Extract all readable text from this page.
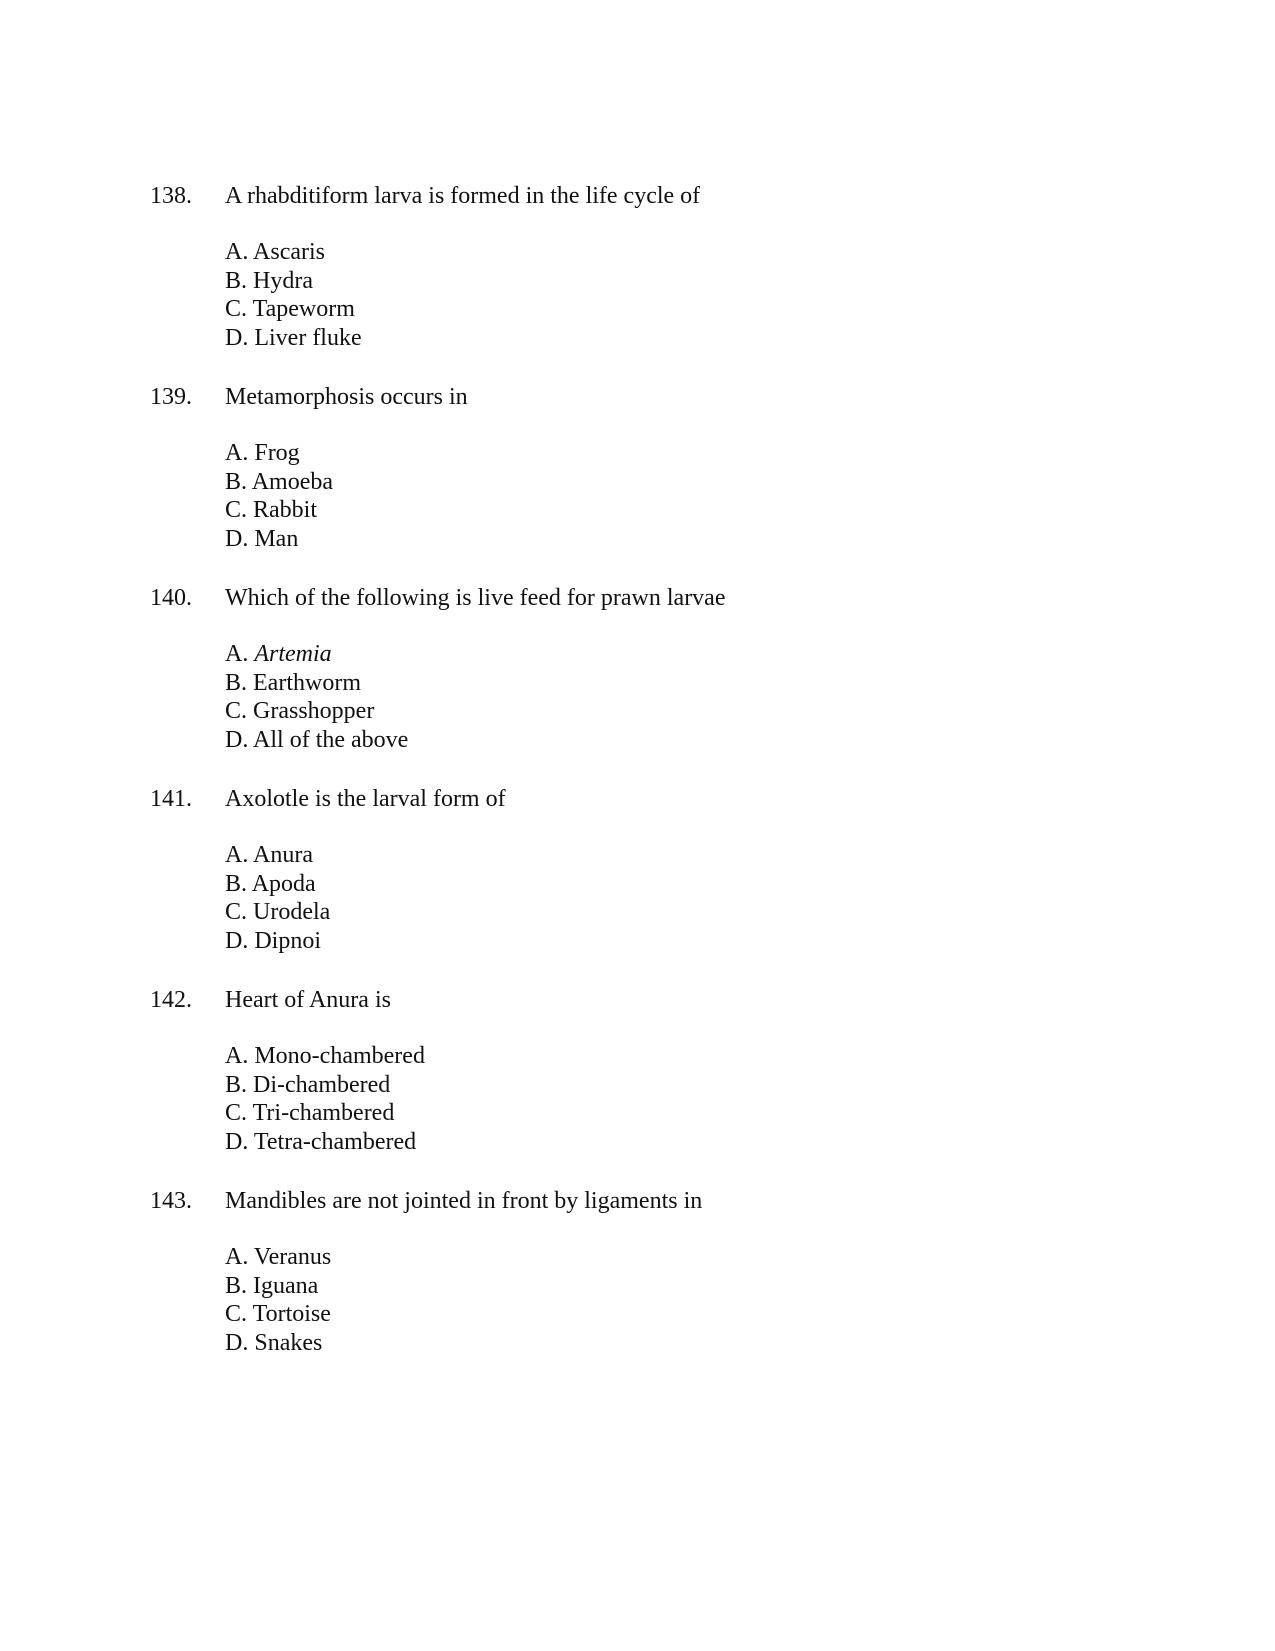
138. A rhabditiform larva is formed in the life cycle of
A. Ascaris
B. Hydra
C. Tapeworm
D. Liver fluke
139. Metamorphosis occurs in
A. Frog
B. Amoeba
C. Rabbit
D. Man
140. Which of the following is live feed for prawn larvae
A. Artemia
B. Earthworm
C. Grasshopper
D. All of the above
141. Axolotle is the larval form of
A. Anura
B. Apoda
C. Urodela
D. Dipnoi
142. Heart of Anura is
A. Mono-chambered
B. Di-chambered
C. Tri-chambered
D. Tetra-chambered
143. Mandibles are not jointed in front by ligaments in
A. Veranus
B. Iguana
C. Tortoise
D. Snakes
